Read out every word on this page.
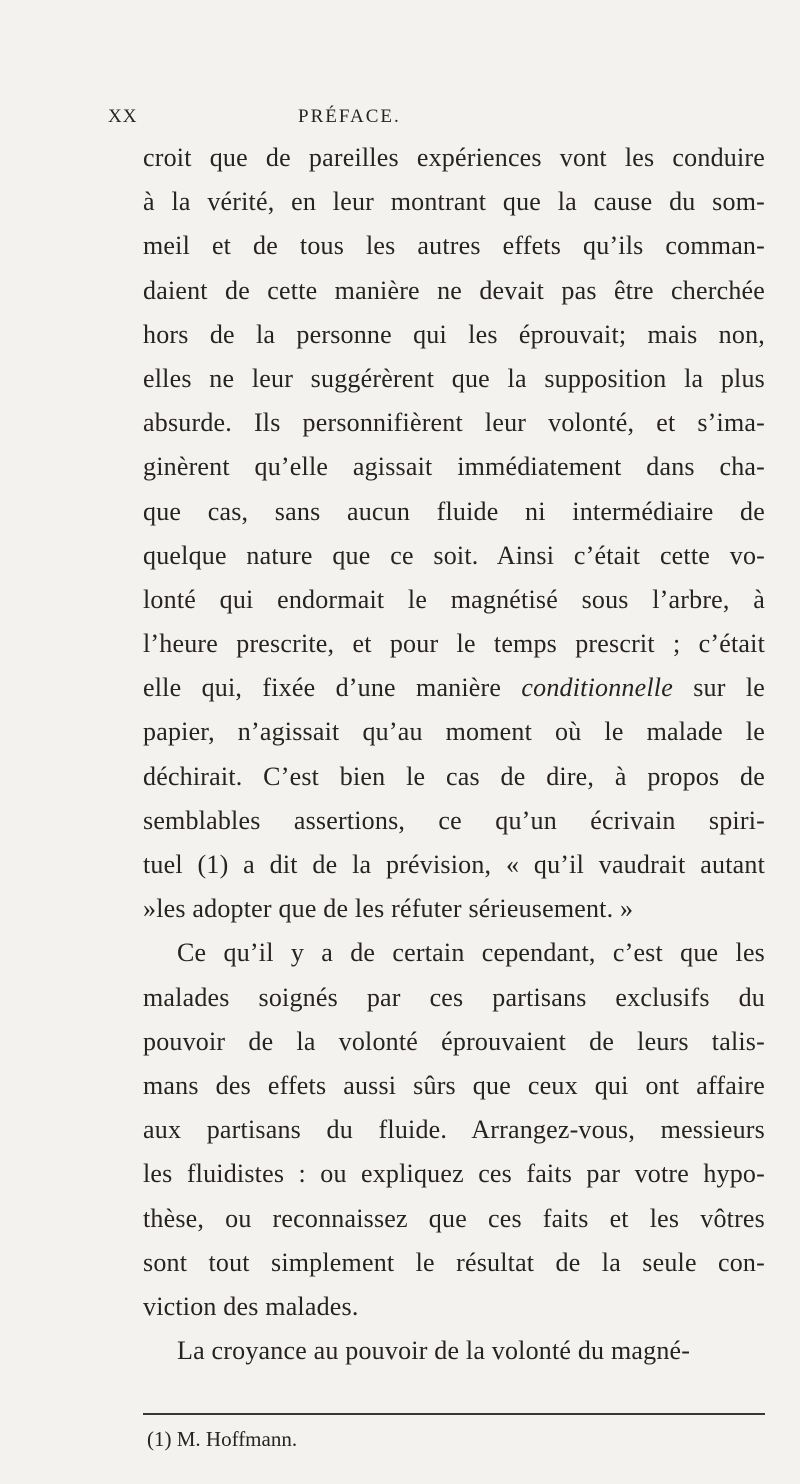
XX	PRÉFACE.
croit que de pareilles expériences vont les conduire
à la vérité, en leur montrant que la cause du som-
meil et de tous les autres effets qu’ils comman-
daient de cette manière ne devait pas être cherchée
hors de la personne qui les éprouvait; mais non,
elles ne leur suggérèrent que la supposition la plus
absurde. Ils personnifièrent leur volonté, et s’ima-
ginèrent qu’elle agissait immédiatement dans cha-
que cas, sans aucun fluide ni intermédiaire de
quelque nature que ce soit. Ainsi c’était cette vo-
lonté qui endormait le magnétisé sous l’arbre, à
l’heure prescrite, et pour le temps prescrit ; c’était
elle qui, fixée d’une manière conditionnelle sur le
papier, n’agissait qu’au moment où le malade le
déchirait. C’est bien le cas de dire, à propos de
semblables assertions, ce qu’un écrivain spiri-
tuel (1) a dit de la prévision, « qu’il vaudrait autant
»les adopter que de les réfuter sérieusement. »
Ce qu’il y a de certain cependant, c’est que les
malades soignés par ces partisans exclusifs du
pouvoir de la volonté éprouvaient de leurs talis-
mans des effets aussi sûrs que ceux qui ont affaire
aux partisans du fluide. Arrangez-vous, messieurs
les fluidistes : ou expliquez ces faits par votre hypo-
thèse, ou reconnaissez que ces faits et les vôtres
sont tout simplement le résultat de la seule con-
viction des malades.
La croyance au pouvoir de la volonté du magné-
(1) M. Hoffmann.
